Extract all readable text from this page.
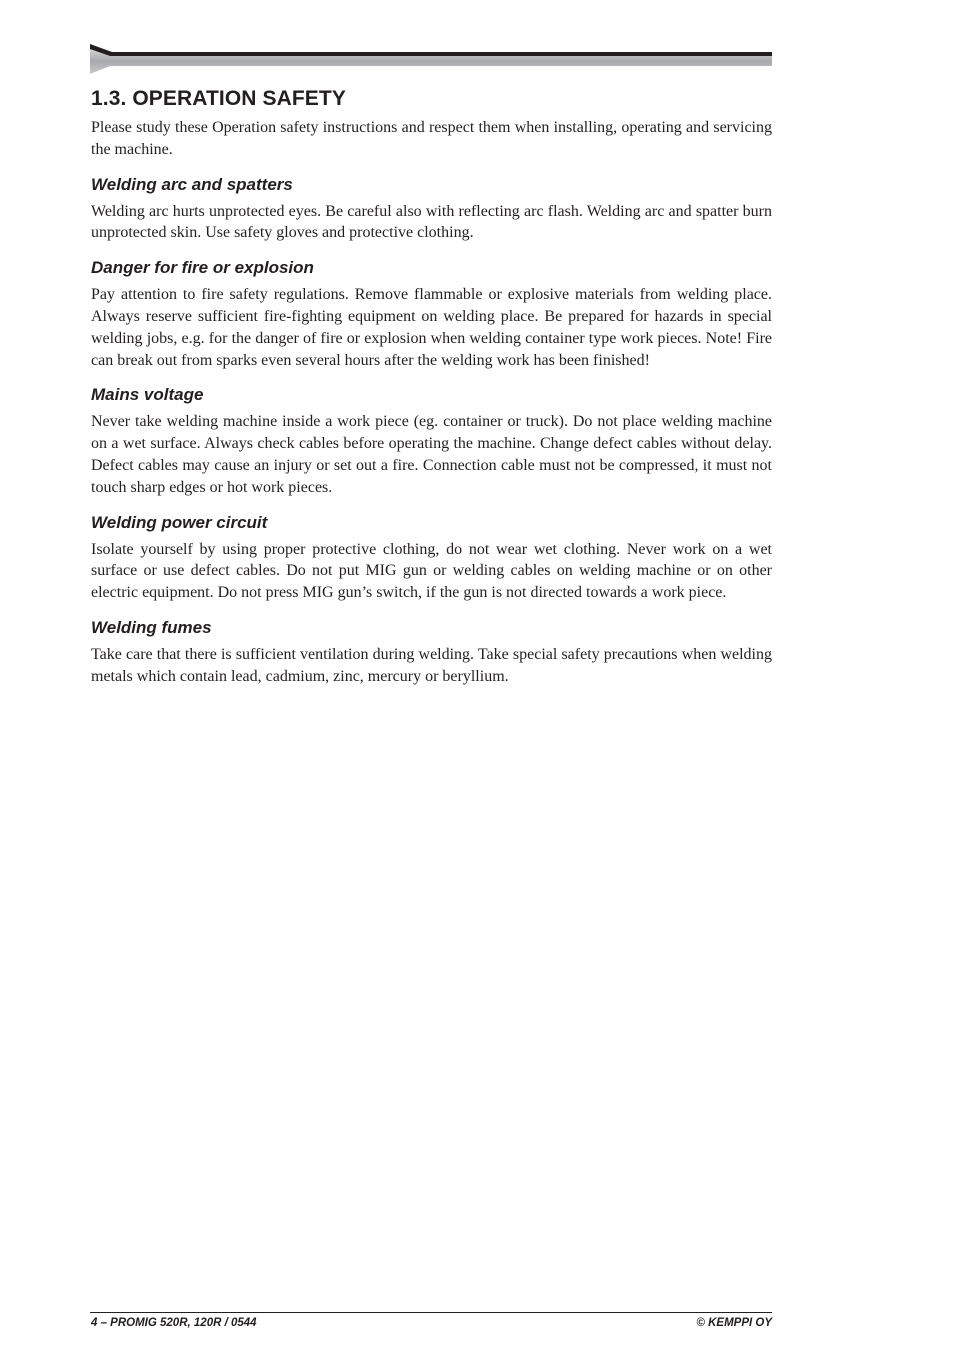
1.3. OPERATION SAFETY

Please study these Operation safety instructions and respect them when installing, operating and servicing the machine.

Welding arc and spatters

Welding arc hurts unprotected eyes. Be careful also with reflecting arc flash. Welding arc and spatter burn unprotected skin. Use safety gloves and protective clothing.

Danger for fire or explosion

Pay attention to fire safety regulations. Remove flammable or explosive materials from welding place. Always reserve sufficient fire-fighting equipment on welding place. Be prepared for hazards in special welding jobs, e.g. for the danger of fire or explosion when welding container type work pieces. Note! Fire can break out from sparks even several hours after the welding work has been finished!

Mains voltage

Never take welding machine inside a work piece (eg. container or truck). Do not place welding machine on a wet surface. Always check cables before operating the machine. Change defect cables without delay. Defect cables may cause an injury or set out a fire. Connection cable must not be compressed, it must not touch sharp edges or hot work pieces.

Welding power circuit

Isolate yourself by using proper protective clothing, do not wear wet clothing. Never work on a wet surface or use defect cables. Do not put MIG gun or welding cables on welding machine or on other electric equipment. Do not press MIG gun’s switch, if the gun is not directed towards a work piece.

Welding fumes

Take care that there is sufficient ventilation during welding. Take special safety precautions when welding metals which contain lead, cadmium, zinc, mercury or beryllium.

4 – PROMIG 520R, 120R / 0544	© KEMPPI OY
